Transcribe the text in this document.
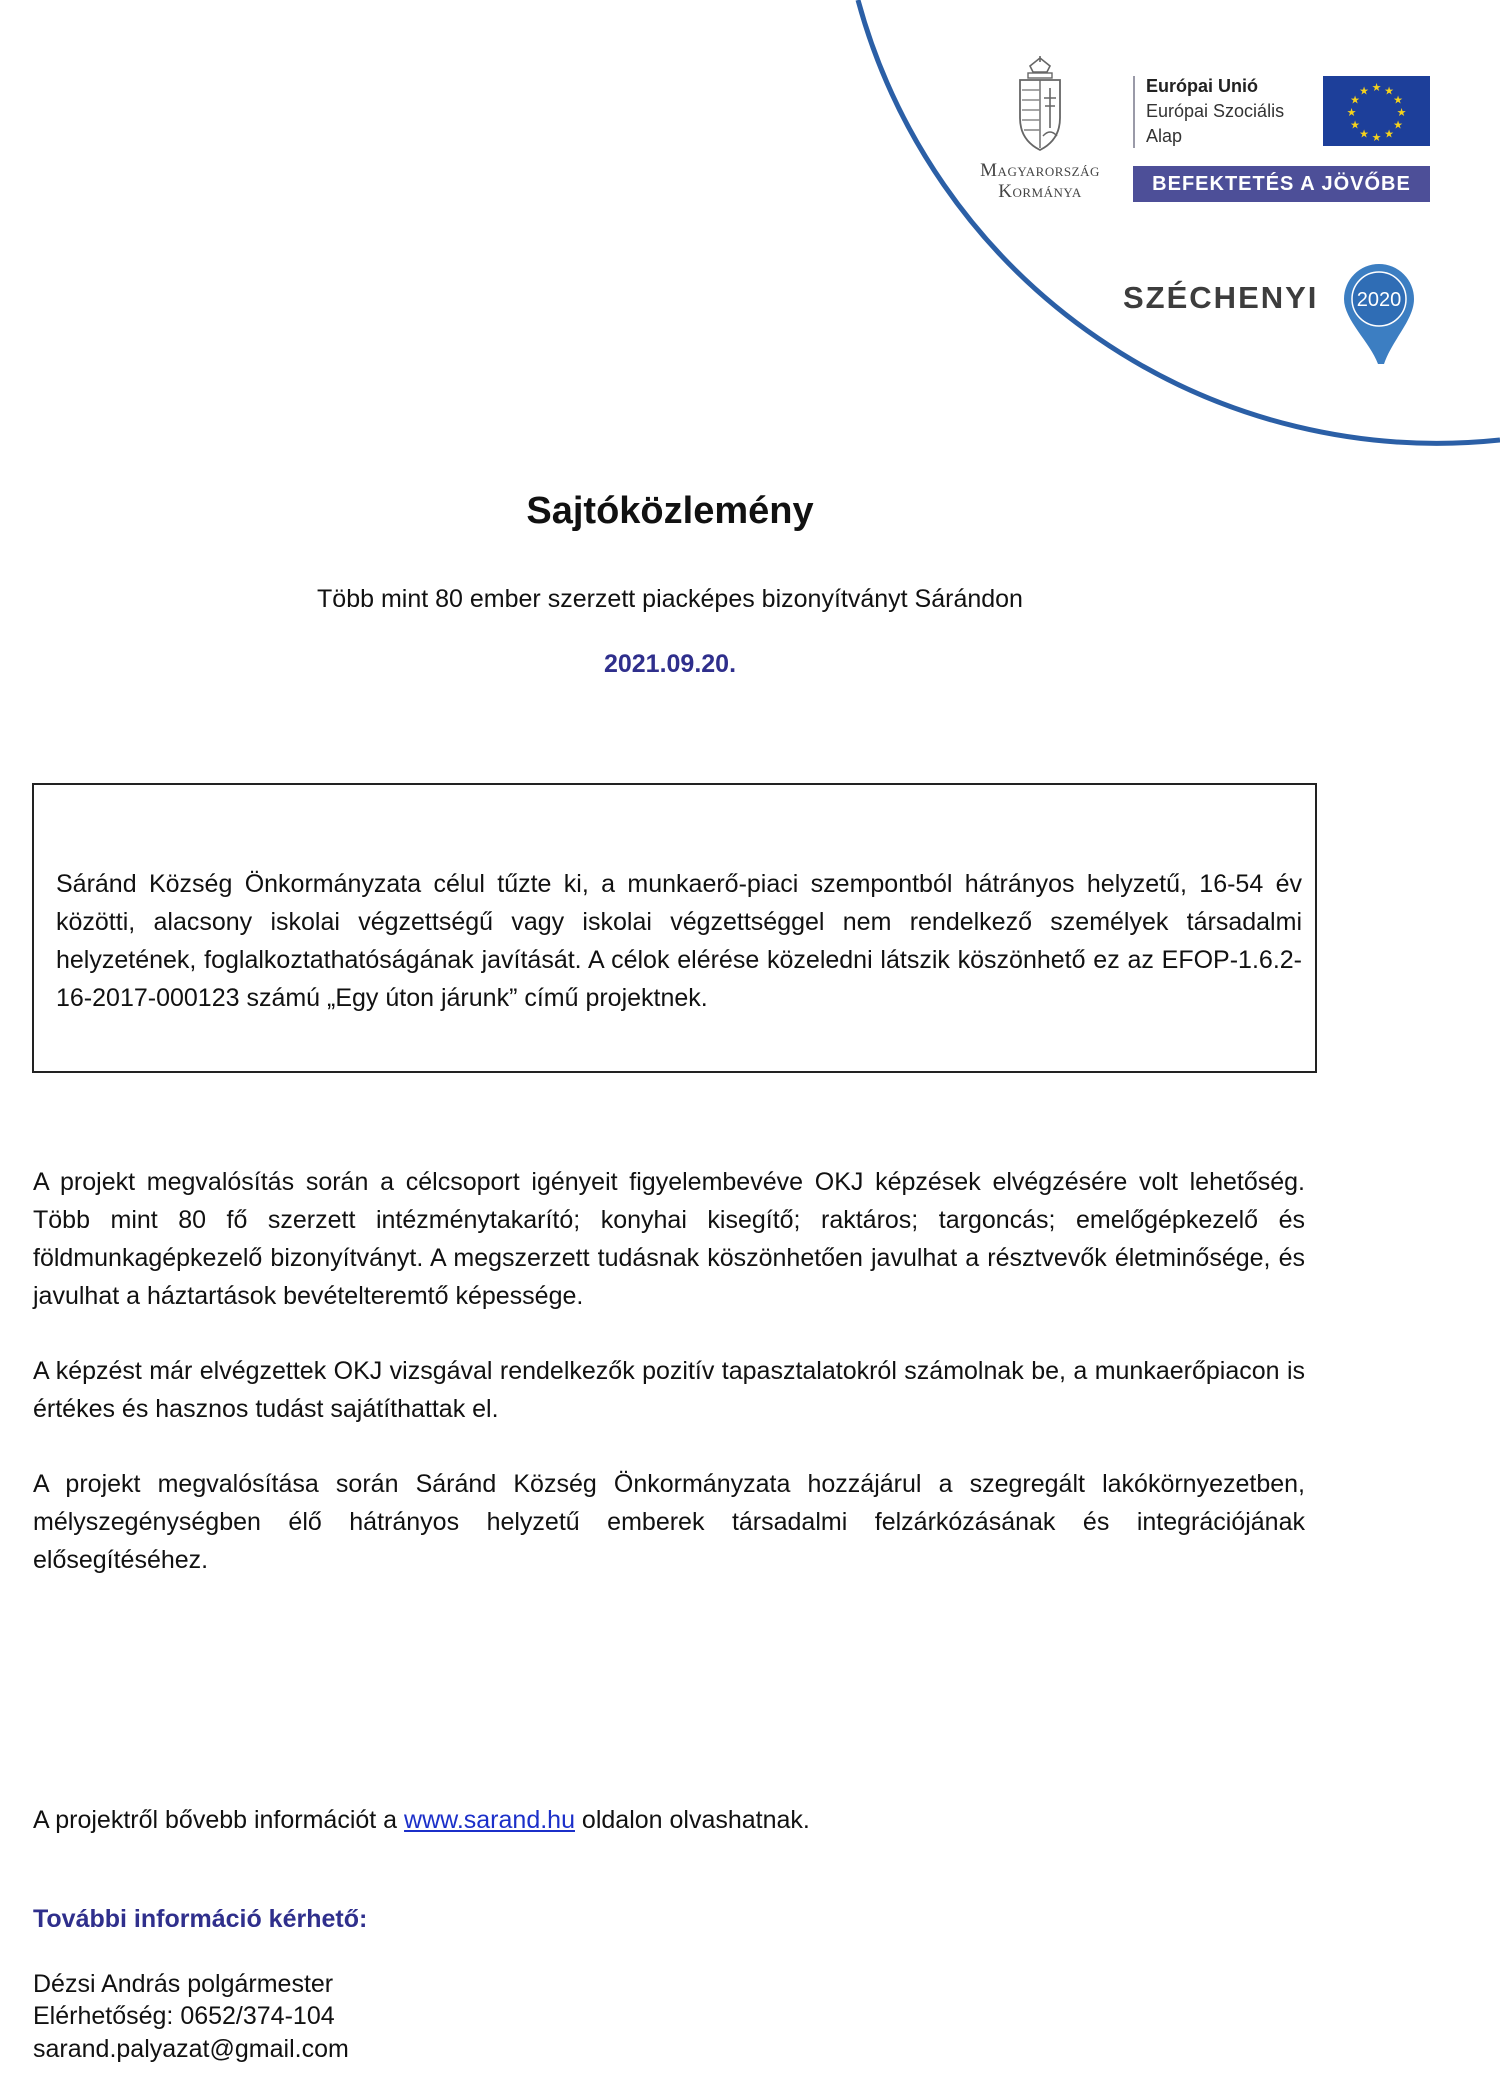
Magyarország
Kormánya
Európai Unió
Európai Szociális
Alap
★ ★
★
★
★
★
★
★
★
★
★
★
BEFEKTETÉS A JÖVŐBE
SZÉCHENYI 2020
Sajtóközlemény
Több mint 80 ember szerzett piacképes bizonyítványt Sárándon
2021.09.20.

Sáránd Község Önkormányzata célul tűzte ki, a munkaerő-piaci szempontból hátrányos helyzetű, 16-54 év közötti, alacsony iskolai végzettségű vagy iskolai végzettséggel nem rendelkező személyek társadalmi helyzetének, foglalkoztathatóságának javítását. A célok elérése közeledni látszik köszönhető ez az EFOP-1.6.2-16-2017-000123 számú „Egy úton járunk” című projektnek.

A projekt megvalósítás során a célcsoport igényeit figyelembevéve OKJ képzések elvégzésére volt lehetőség. Több mint 80 fő szerzett intézménytakarító; konyhai kisegítő; raktáros; targoncás; emelőgépkezelő és földmunkagépkezelő bizonyítványt. A megszerzett tudásnak köszönhetően javulhat a résztvevők életminősége, és javulhat a háztartások bevételteremtő képessége.

A képzést már elvégzettek OKJ vizsgával rendelkezők pozitív tapasztalatokról számolnak be, a munkaerőpiacon is értékes és hasznos tudást sajátíthattak el.

A projekt megvalósítása során Sáránd Község Önkormányzata hozzájárul a szegregált lakókörnyezetben, mélyszegénységben élő hátrányos helyzetű emberek társadalmi felzárkózásának és integrációjának elősegítéséhez.

A projektről bővebb információt a www.sarand.hu oldalon olvashatnak.
További információ kérhető:
Dézsi András polgármester
Elérhetőség: 0652/374-104
sarand.palyazat@gmail.com
